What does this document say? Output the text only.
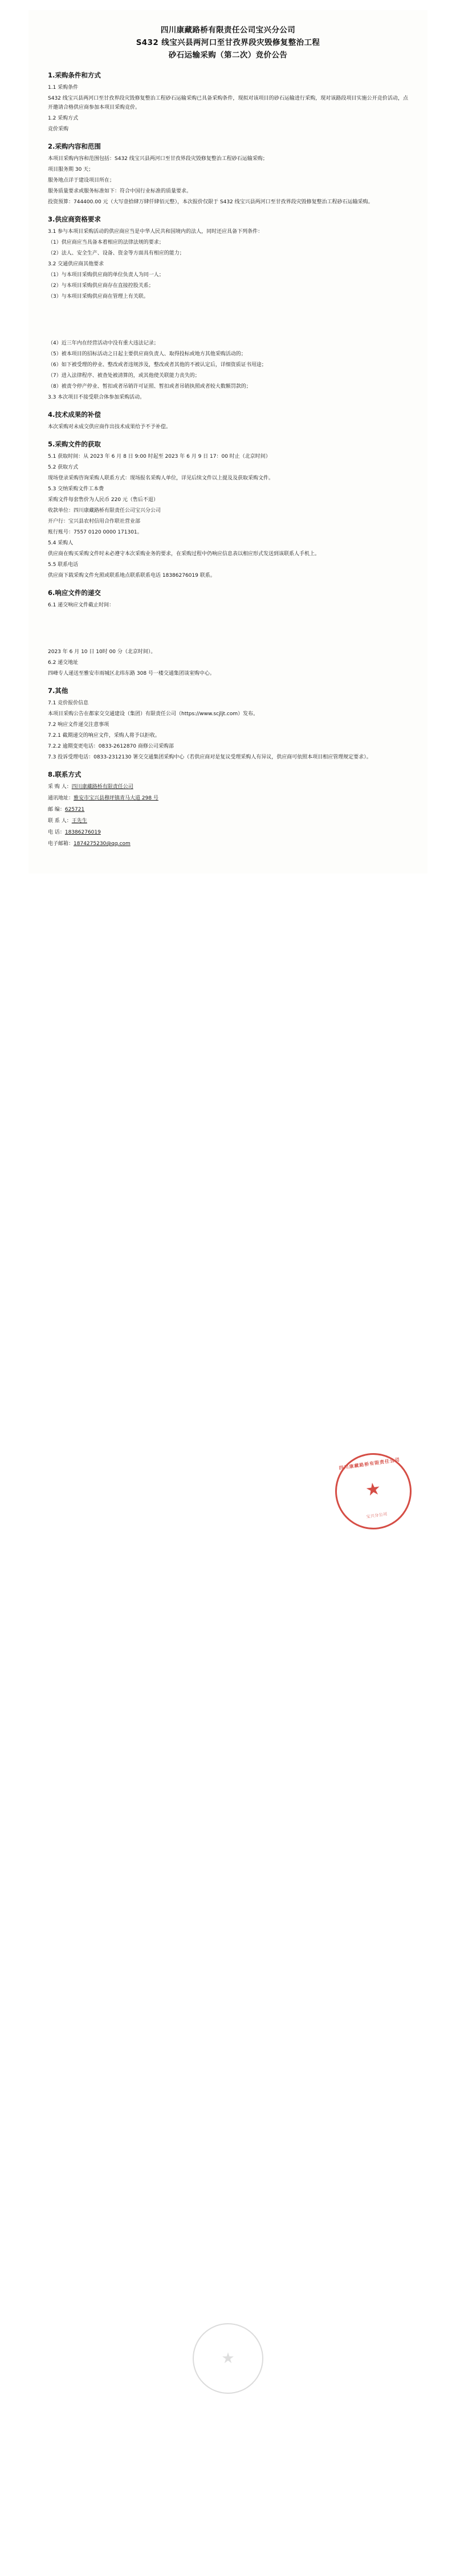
四川康藏路桥有限责任公司宝兴分公司
S432 线宝兴县两河口至甘孜界段灾毁修复整治工程
砂石运输采购（第二次）竞价公告
1.采购条件和方式

1.1 采购条件

S432 线宝兴县两河口至甘孜界段灾毁修复整治工程砂石运输采购已具备采购条件，现拟对该项目的砂石运输进行采购，现对该路段项目实施公开竞价活动，点开邀请合格供应商参加本项目采购竞价。

1.2 采购方式

竞价采购

2.采购内容和范围

本项目采购内容和范围包括：S432 线宝兴县两河口至甘孜界段灾毁修复整治工程砂石运输采购；

项目服务期 30 天；

服务地点详于建设项目所在；

服务质量要求或服务标准如下：符合中国行业标准的质量要求。

投资预算：744400.00 元（大写壹拾肆万肆仟肆佰元整），本次报价仅限于 S432 线宝兴县两河口至甘孜界段灾毁修复整治工程砂石运输采购。

3.供应商资格要求

3.1 参与本项目采购活动的供应商应当是中华人民共和国境内的法人，同时还应具备下列条件：

（1）供应商应当具备本着相应的法律法规的要求；

（2）法人、安全生产、设备、资金等方面具有相应的能力；

3.2 交通供应商其他要求

（1）与本项目采购供应商的单位负责人为同一人；

（2）与本项目采购供应商存在直接控股关系；

（3）与本项目采购供应商在管理上有关联。

（4）近三年内在经营活动中没有重大违法记录；

（5）被本项目的招标活动之日起主要供应商负责人、取得投标或地方其他采购活动的；

（6）如下被受理的停业、整改或者违规涉及，整改或者其他的不被认定后，详细资质证书用途；

（7）进入法律程序、被查处被清算的，或其他使关联能力丧失的；

（8）被责令停产停业、暂扣或者吊销许可证照、暂扣或者吊销执照或者较大数额罚款的；

3.3 本次项目不接受联合体参加采购活动。

4.技术成果的补偿

本次采购对未成交供应商作出技术成果给予不予补偿。

5.采购文件的获取

5.1 获取时间：从 2023 年 6 月 8 日 9:00 时起至 2023 年 6 月 9 日 17：00 时止（北京时间）

5.2 获取方式

现场登录采购咨询采购人联系方式：现场报名采购人单位，详见后续文件以上提及及获取采购文件。

5.3 交纳采购文件工本费

采购文件每套售价为人民币 220 元（售后不退）

收款单位：四川康藏路桥有限责任公司宝兴分公司

开户行：宝兴县农村信用合作联社营业部

账行账号：7557 0120 0000 171301。

5.4 采购人

供应商在购买采购文件时未必遵守本次采购业务的要求，在采购过程中仍响应信息表以相应形式发送到该联系人手机上。

5.5 联系电话

供应商下载采购文件允照或联系地点联系联系电话 18386276019 联系。

6.响应文件的递交

6.1 递交响应文件截止时间：

2023 年 6 月 10 日 10时 00 分（北京时间）。

6.2 递交地址

四峰专人递送至雅安市雨城区北纬东路 308 号一楼交通集团谈室购中心。

7.其他

7.1 竞价报价信息

本项目采购公告在都家交交通建设（集团）有限责任公司（https://www.scjljt.com）发布。

7.2 响应文件递交注意事项

7.2.1 截期递交的响应文件，采购人将予以拒收。

7.2.2 逾期变更电话：0833-2612870 商修公司采购部

7.3 投诉受理电话：0833-2312130 署交交通集团采购中心（若供应商对是复议受理采购人有异议，供应商可依照本项目相应管理规定要求）。

8.联系方式

采 购 人：四川康藏路桥有限责任公司

通讯地址：雅安市宝兴县穆坪镇青马大道 298 号

邮 编：625721

联 系 人：王先生

电 话：18386276019

电子邮箱：1874275230@qq.com

四川康藏路桥有限责任公司
★
宝兴分公司
★
